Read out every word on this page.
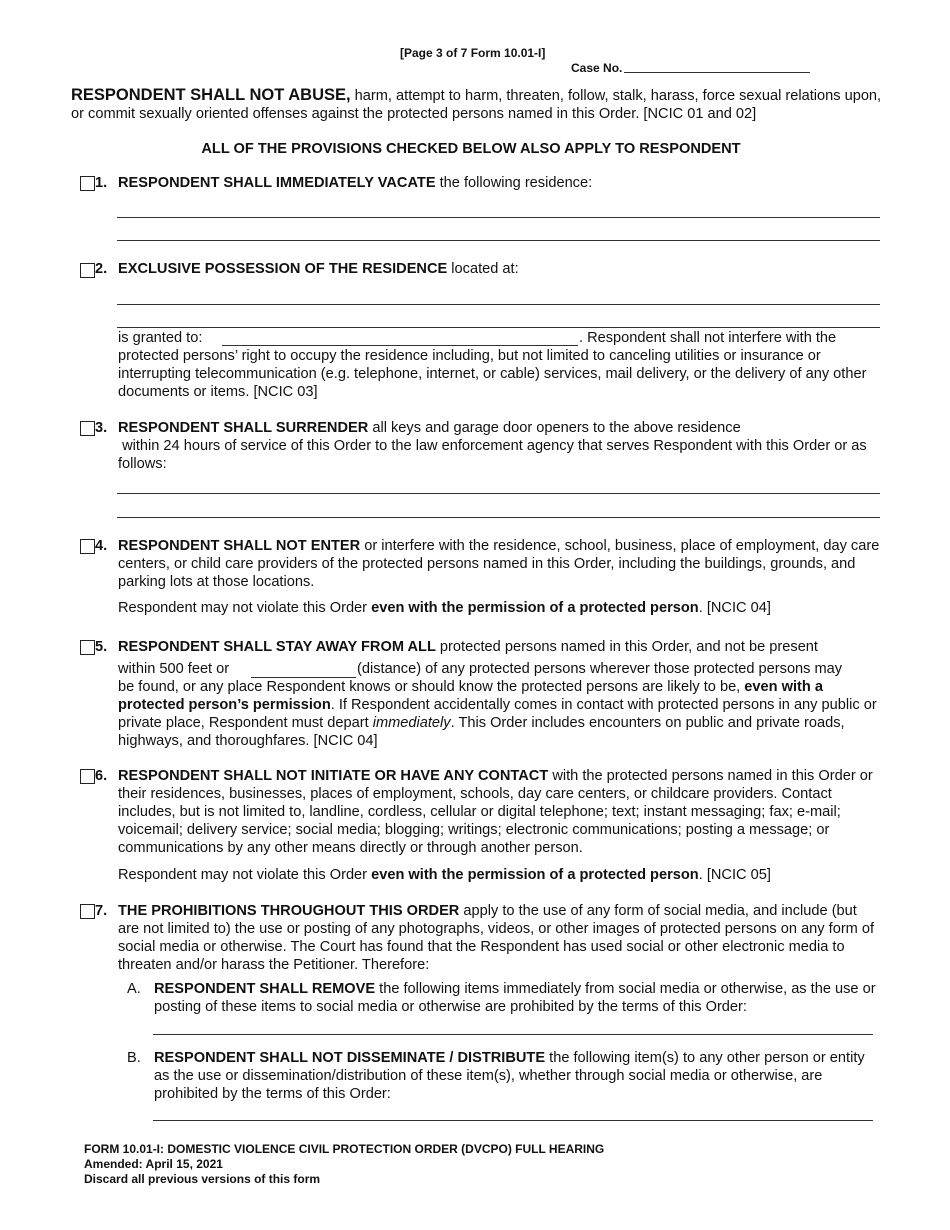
[Page 3 of 7 Form 10.01-I]
Case No.
RESPONDENT SHALL NOT ABUSE, harm, attempt to harm, threaten, follow, stalk, harass, force sexual relations upon, or commit sexually oriented offenses against the protected persons named in this Order. [NCIC 01 and 02]
ALL OF THE PROVISIONS CHECKED BELOW ALSO APPLY TO RESPONDENT
1. RESPONDENT SHALL IMMEDIATELY VACATE the following residence:
2. EXCLUSIVE POSSESSION OF THE RESIDENCE located at:
is granted to:	. Respondent shall not interfere with the
protected persons’ right to occupy the residence including, but not limited to canceling utilities or insurance or interrupting telecommunication (e.g. telephone, internet, or cable) services, mail delivery, or the delivery of any other documents or items. [NCIC 03]
3. RESPONDENT SHALL SURRENDER all keys and garage door openers to the above residence

within 24 hours of service of this Order to the law enforcement agency that serves Respondent with this Order or as follows:

4. RESPONDENT SHALL NOT ENTER or interfere with the residence, school, business, place of employment, day care centers, or child care providers of the protected persons named in this Order, including the buildings, grounds, and parking lots at those locations.
Respondent may not violate this Order even with the permission of a protected person. [NCIC 04]
5. RESPONDENT SHALL STAY AWAY FROM ALL protected persons named in this Order, and not be present
within 500 feet or	(distance) of any protected persons wherever those protected persons may
be found, or any place Respondent knows or should know the protected persons are likely to be, even with a protected person’s permission. If Respondent accidentally comes in contact with protected persons in any public or private place, Respondent must depart immediately. This Order includes encounters on public and private roads, highways, and thoroughfares. [NCIC 04]
6. RESPONDENT SHALL NOT INITIATE OR HAVE ANY CONTACT with the protected persons named in this Order or their residences, businesses, places of employment, schools, day care centers, or childcare providers. Contact includes, but is not limited to, landline, cordless, cellular or digital telephone; text; instant messaging; fax; e-mail; voicemail; delivery service; social media; blogging; writings; electronic communications; posting a message; or communications by any other means directly or through another person.
Respondent may not violate this Order even with the permission of a protected person. [NCIC 05]
7. THE PROHIBITIONS THROUGHOUT THIS ORDER apply to the use of any form of social media, and include (but are not limited to) the use or posting of any photographs, videos, or other images of protected persons on any form of social media or otherwise. The Court has found that the Respondent has used social or other electronic media to threaten and/or harass the Petitioner. Therefore:
A. RESPONDENT SHALL REMOVE the following items immediately from social media or otherwise, as the use or posting of these items to social media or otherwise are prohibited by the terms of this Order:
B. RESPONDENT SHALL NOT DISSEMINATE / DISTRIBUTE the following item(s) to any other person or entity as the use or dissemination/distribution of these item(s), whether through social media or otherwise, are prohibited by the terms of this Order:
FORM 10.01-I: DOMESTIC VIOLENCE CIVIL PROTECTION ORDER (DVCPO) FULL HEARING
Amended: April 15, 2021
Discard all previous versions of this form
